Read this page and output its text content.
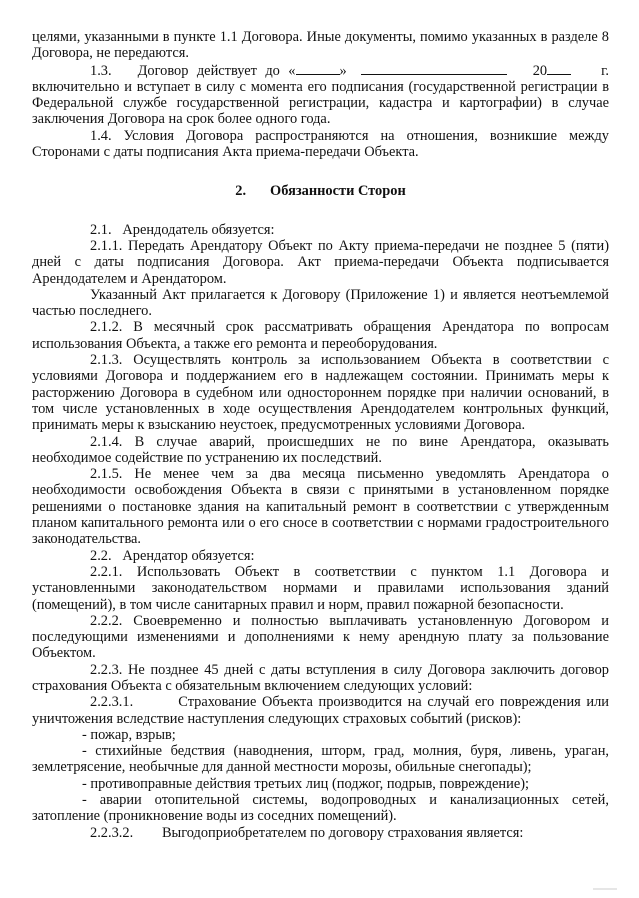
целями, указанными в пункте 1.1 Договора. Иные документы, помимо указанных в разделе 8 Договора, не передаются.

1.3. Договор действует до «	»	20	г. включительно и вступает в силу с момента его подписания (государственной регистрации в Федеральной службе государственной регистрации, кадастра и картографии) в случае заключения Договора на срок более одного года.

1.4. Условия Договора распространяются на отношения, возникшие между Сторонами с даты подписания Акта приема-передачи Объекта.

2. Обязанности Сторон

2.1.   Арендодатель обязуется:

2.1.1. Передать Арендатору Объект по Акту приема-передачи не позднее 5 (пяти) дней с даты подписания Договора. Акт приема-передачи Объекта подписывается Арендодателем и Арендатором.

Указанный Акт прилагается к Договору (Приложение 1) и является неотъемлемой частью последнего.

2.1.2. В месячный срок рассматривать обращения Арендатора по вопросам использования Объекта, а также его ремонта и переоборудования.

2.1.3. Осуществлять контроль за использованием Объекта в соответствии с условиями Договора и поддержанием его в надлежащем состоянии. Принимать меры к расторжению Договора в судебном или одностороннем порядке при наличии оснований, в том числе установленных в ходе осуществления Арендодателем контрольных функций, принимать меры к взысканию неустоек, предусмотренных условиями Договора.

2.1.4. В случае аварий, происшедших не по вине Арендатора, оказывать необходимое содействие по устранению их последствий.

2.1.5. Не менее чем за два месяца письменно уведомлять Арендатора о необходимости освобождения Объекта в связи с принятыми в установленном порядке решениями о постановке здания на капитальный ремонт в соответствии с утвержденным планом капитального ремонта или о его сносе в соответствии с нормами градостроительного законодательства.

2.2.   Арендатор обязуется:

2.2.1. Использовать Объект в соответствии с пунктом 1.1 Договора и установленными законодательством нормами и правилами использования зданий (помещений), в том числе санитарных правил и норм, правил пожарной безопасности.

2.2.2. Своевременно и полностью выплачивать установленную Договором и последующими изменениями и дополнениями к нему арендную плату за пользование Объектом.

2.2.3. Не позднее 45 дней с даты вступления в силу Договора заключить договор страхования Объекта с обязательным включением следующих условий:

2.2.3.1.        Страхование Объекта производится на случай его повреждения или уничтожения вследствие наступления следующих страховых событий (рисков):

- пожар, взрыв;

- стихийные бедствия (наводнения, шторм, град, молния, буря, ливень, ураган, землетрясение, необычные для данной местности морозы, обильные снегопады);

- противоправные действия третьих лиц (поджог, подрыв, повреждение);

- аварии отопительной системы, водопроводных и канализационных сетей, затопление (проникновение воды из соседних помещений).

2.2.3.2.        Выгодоприобретателем по договору страхования является:
